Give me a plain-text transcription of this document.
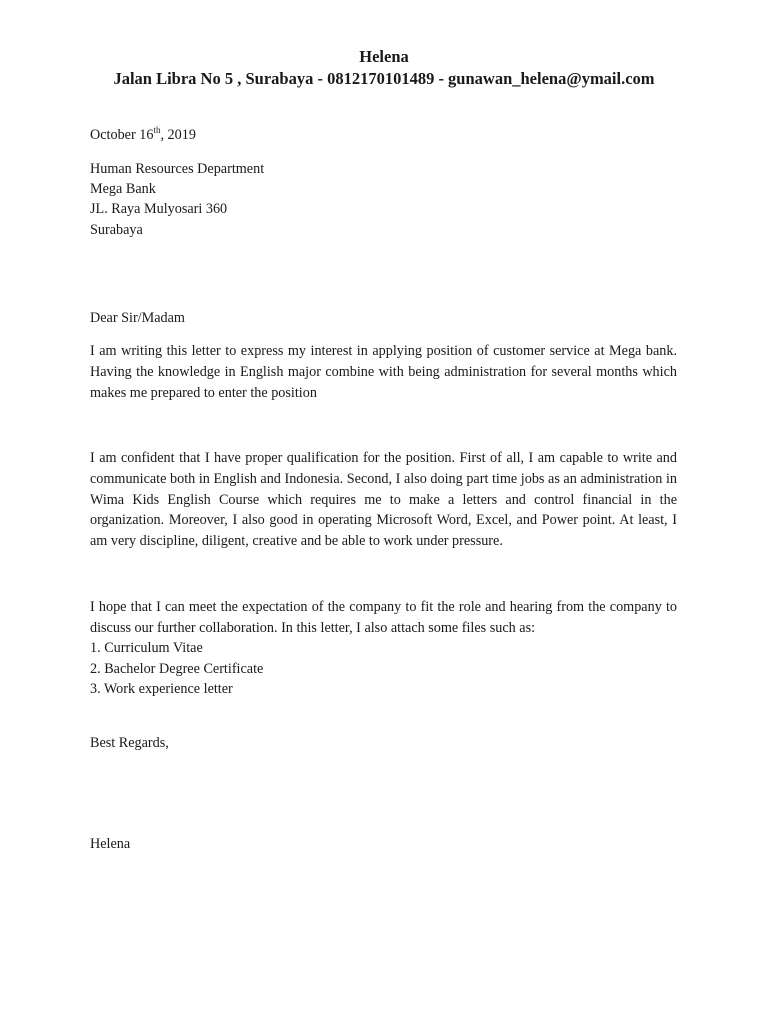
Helena
Jalan Libra No 5 , Surabaya - 0812170101489 - gunawan_helena@ymail.com
October 16th, 2019
Human Resources Department
Mega Bank
JL. Raya Mulyosari 360
Surabaya
Dear Sir/Madam
I am writing this letter to express my interest in applying position of customer service at Mega bank. Having the knowledge in English major combine with being administration for several months which makes me prepared to enter the position
I am confident that I have proper qualification for the position. First of all, I am capable to write and communicate both in English and Indonesia. Second, I also doing part time jobs as an administration in Wima Kids English Course which requires me to make a letters and control financial in the organization. Moreover, I also good in operating Microsoft Word, Excel, and Power point. At least, I am very discipline, diligent, creative and be able to work under pressure.
I hope that I can meet the expectation of the company to fit the role and hearing from the company to discuss our further collaboration. In this letter, I also attach some files such as:
1. Curriculum Vitae
2. Bachelor Degree Certificate
3. Work experience letter
Best Regards,
Helena
